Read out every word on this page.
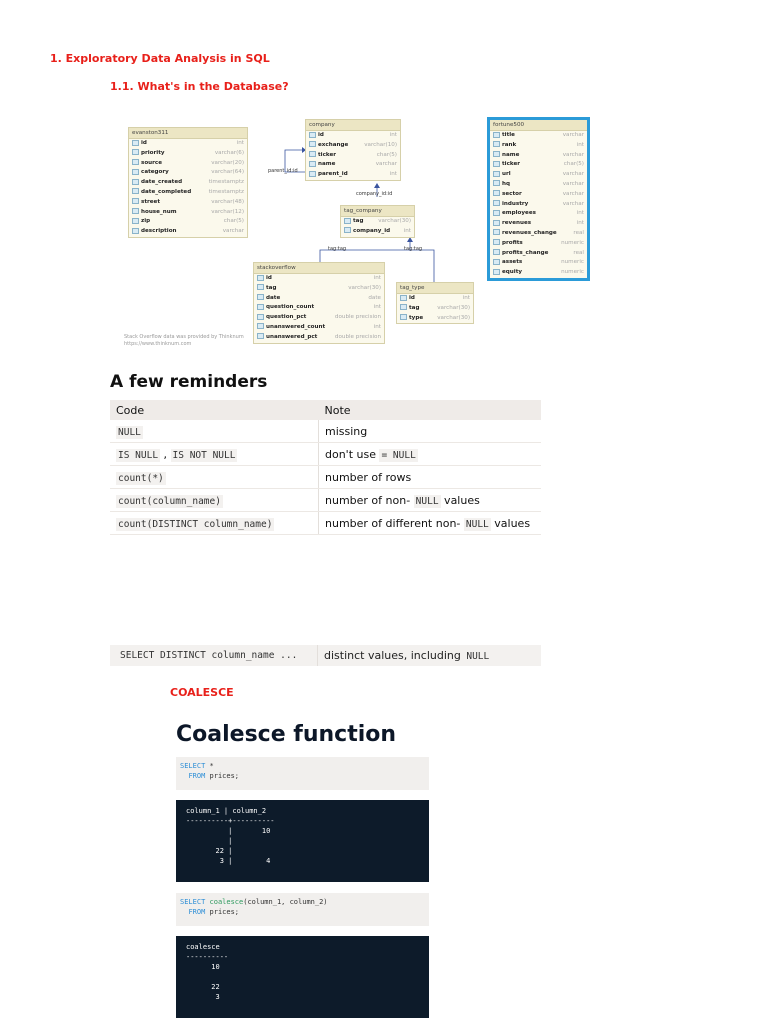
1. Exploratory Data Analysis in SQL
1.1. What's in the Database?
evanston311
id	int
priority	varchar(6)
source	varchar(20)
category	varchar(64)
date_created	timestamptz
date_completed	timestamptz
street	varchar(48)
house_num	varchar(12)
zip	char(5)
description	varchar
company
id	int
exchange	varchar(10)
ticker	char(5)
name	varchar
parent_id	int
tag_company
tag	varchar(30)
company_id int
stackoverflow
id	int
tag	varchar(30)
date	date
question_count	int
question_pct	double precision
unanswered_count	int
unanswered_pct	double precision
tag_type
id	int
tag	varchar(30)
type	varchar(30)
fortune500
title	varchar
rank	int
name	varchar
ticker	char(5)
url	varchar
hq	varchar
sector	varchar
industry	varchar
employees	int
revenues	int
revenues_change	real
profits	numeric
profits_change	real
assets	numeric
equity	numeric
parent_id:id
company_id:id
tag:tag	tag:tag
Stack Overflow data was provided by Thinknum https://www.thinknum.com
A few reminders
Code	Note
NULL	missing
IS NULL , IS NOT NULL	don't use = NULL
count(*)	number of rows
count(column_name)	number of non- NULL values
count(DISTINCT column_name)	number of different non- NULL values
SELECT DISTINCT column_name ...	distinct values, including NULL
COALESCE
Coalesce function
SELECT *
FROM prices;
column_1 | column_2
----------+----------
|       10
|
22 |
3 |        4
SELECT coalesce(column_1, column_2)
FROM prices;
coalesce
----------
10

22
3
